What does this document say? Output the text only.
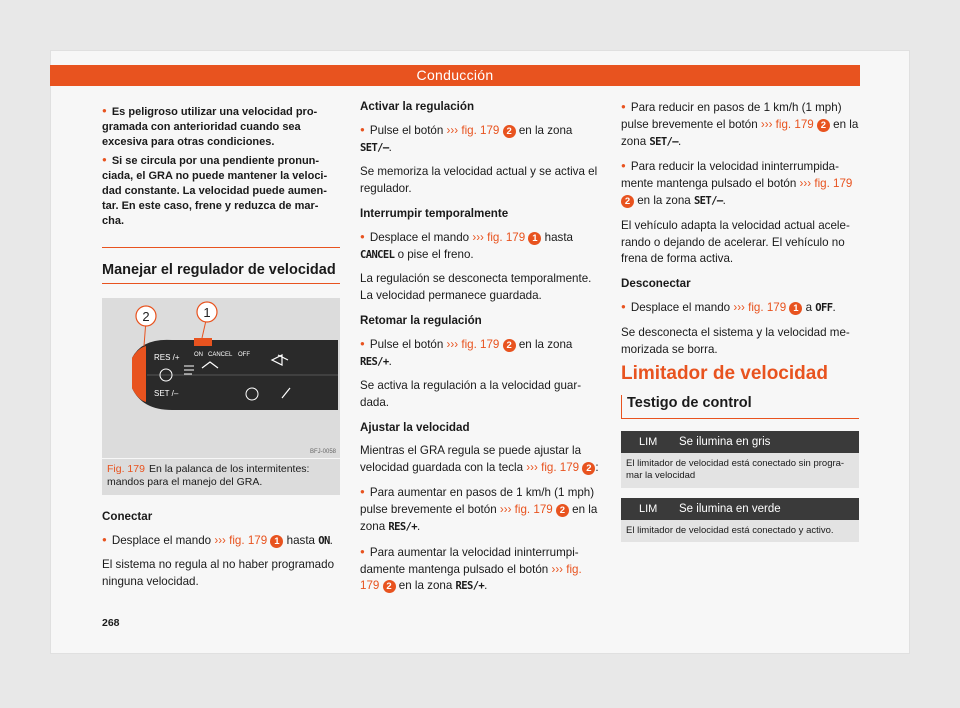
Conducción

● Es peligroso utilizar una velocidad pro-gramada con anterioridad cuando sea excesiva para otras condiciones.

● Si se circula por una pendiente pronun-ciada, el GRA no puede mantener la veloci-dad constante. La velocidad puede aumen-tar. En este caso, frene y reduzca de mar-cha.

Manejar el regulador de velocidad
RES /+
SET /–
ON CANCEL OFF
1
2
BFJ-0058
Fig. 179 En la palanca de los intermitentes: mandos para el manejo del GRA.

Conectar

● Desplace el mando ››› fig. 179 1 hasta ON.

El sistema no regula al no haber programado ninguna velocidad.

Activar la regulación

● Pulse el botón ››› fig. 179 2 en la zona SET/–.

Se memoriza la velocidad actual y se activa el regulador.

Interrumpir temporalmente

● Desplace el mando ››› fig. 179 1 hasta CANCEL o pise el freno.

La regulación se desconecta temporalmente. La velocidad permanece guardada.

Retomar la regulación

● Pulse el botón ››› fig. 179 2 en la zona RES/+.

Se activa la regulación a la velocidad guar-dada.

Ajustar la velocidad

Mientras el GRA regula se puede ajustar la velocidad guardada con la tecla ››› fig. 179 2 :

● Para aumentar en pasos de 1 km/h (1 mph) pulse brevemente el botón ››› fig. 179 2 en la zona RES/+.

● Para aumentar la velocidad ininterrumpi-damente mantenga pulsado el botón ››› fig. 179 2 en la zona RES/+.

● Para reducir en pasos de 1 km/h (1 mph) pulse brevemente el botón ››› fig. 179 2 en la zona SET/–.

● Para reducir la velocidad ininterrumpida-mente mantenga pulsado el botón ››› fig. 179 2 en la zona SET/–.

El vehículo adapta la velocidad actual acele-rando o dejando de acelerar. El vehículo no frena de forma activa.

Desconectar

● Desplace el mando ››› fig. 179 1 a OFF.

Se desconecta el sistema y la velocidad me-morizada se borra.

Limitador de velocidad
Testigo de control
LIM Se ilumina en gris
El limitador de velocidad está conectado sin progra-mar la velocidad
LIM Se ilumina en verde
El limitador de velocidad está conectado y activo.
268
